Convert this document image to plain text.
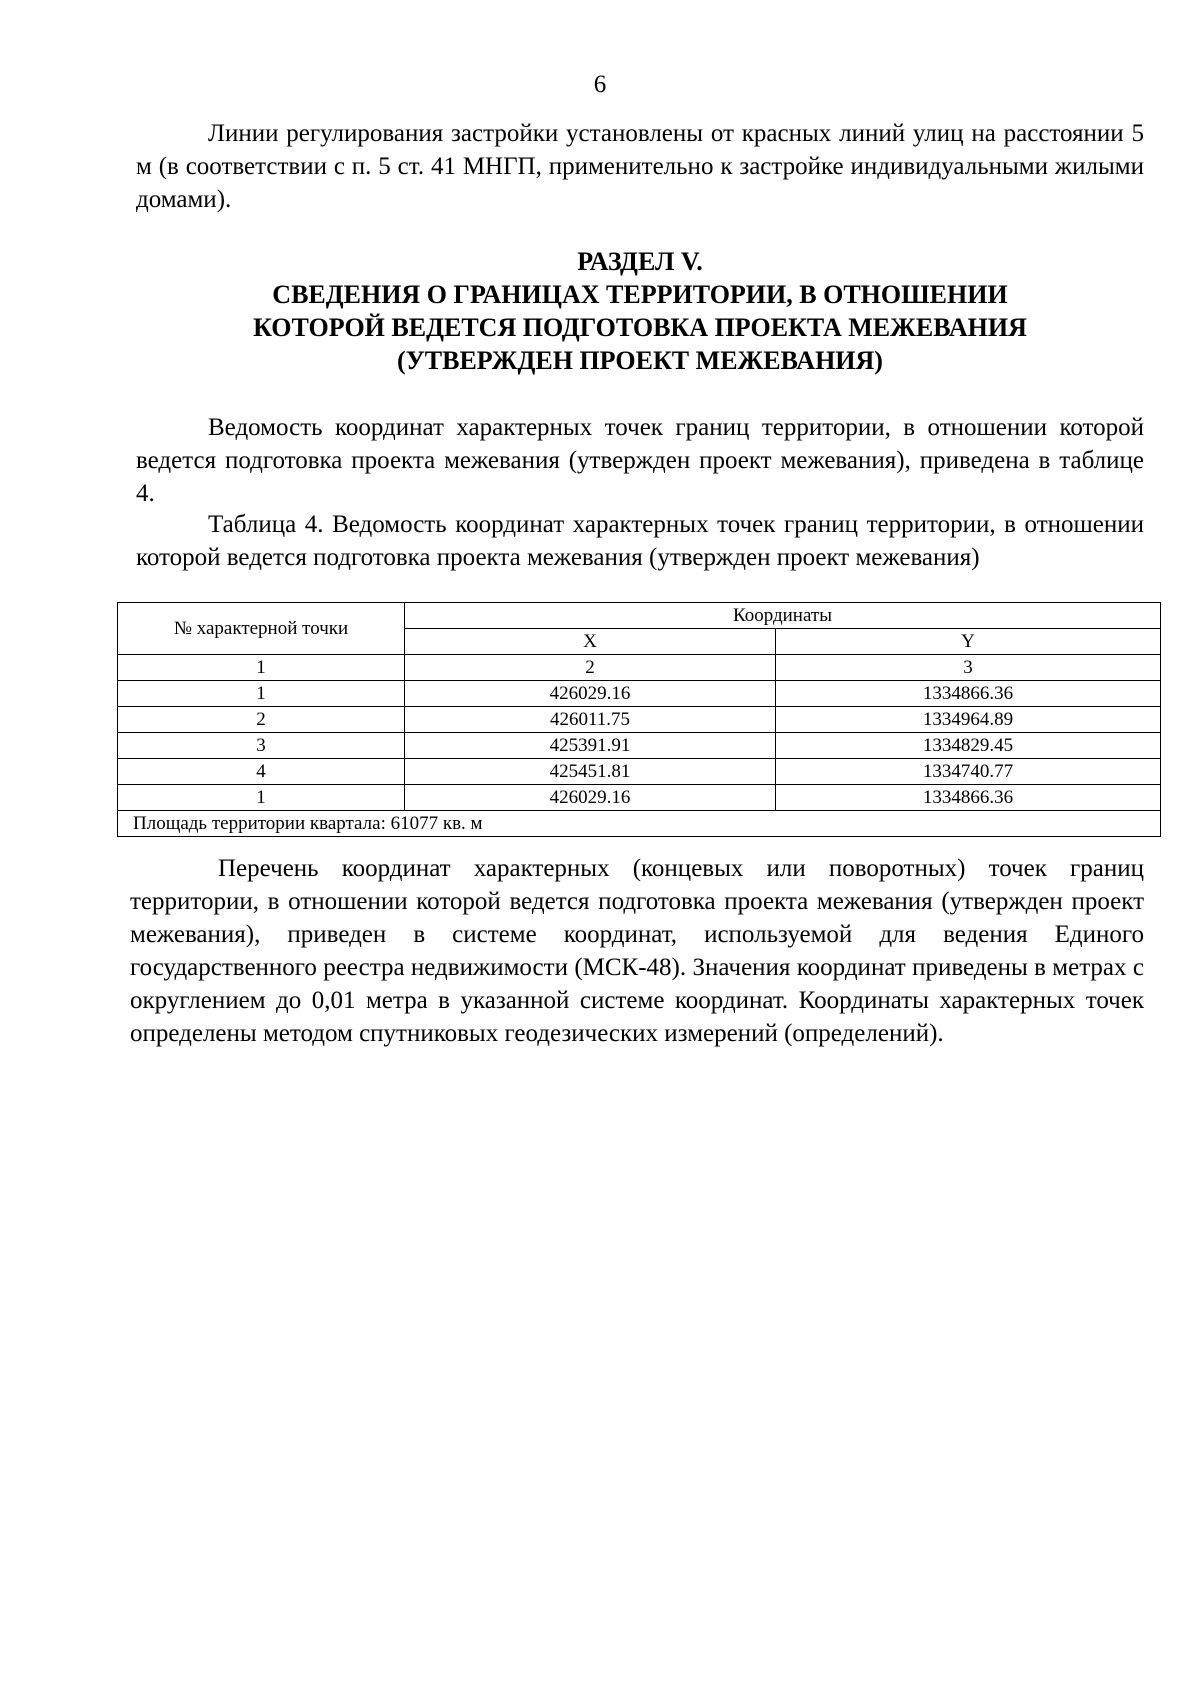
6

Линии регулирования застройки установлены от красных линий улиц на расстоянии 5 м (в соответствии с п. 5 ст. 41 МНГП, применительно к застройке индивидуальными жилыми домами).

РАЗДЕЛ V.
СВЕДЕНИЯ О ГРАНИЦАХ ТЕРРИТОРИИ, В ОТНОШЕНИИ
КОТОРОЙ ВЕДЕТСЯ ПОДГОТОВКА ПРОЕКТА МЕЖЕВАНИЯ
(УТВЕРЖДЕН ПРОЕКТ МЕЖЕВАНИЯ)

Ведомость координат характерных точек границ территории, в отношении которой ведется подготовка проекта межевания (утвержден проект межевания), приведена в таблице 4.

Таблица 4. Ведомость координат характерных точек границ территории, в отношении которой ведется подготовка проекта межевания (утвержден проект межевания)

№ характерной точки	Координаты	
	X	Y
1	2	3
1	426029.16	1334866.36
2	426011.75	1334964.89
3	425391.91	1334829.45
4	425451.81	1334740.77
1	426029.16	1334866.36
Площадь территории квартала: 61077 кв. м		

Перечень координат характерных (концевых или поворотных) точек границ территории, в отношении которой ведется подготовка проекта межевания (утвержден проект межевания), приведен в системе координат, используемой для ведения Единого государственного реестра недвижимости (МСК-48). Значения координат приведены в метрах с округлением до 0,01 метра в указанной системе координат. Координаты характерных точек определены методом спутниковых геодезических измерений (определений).
